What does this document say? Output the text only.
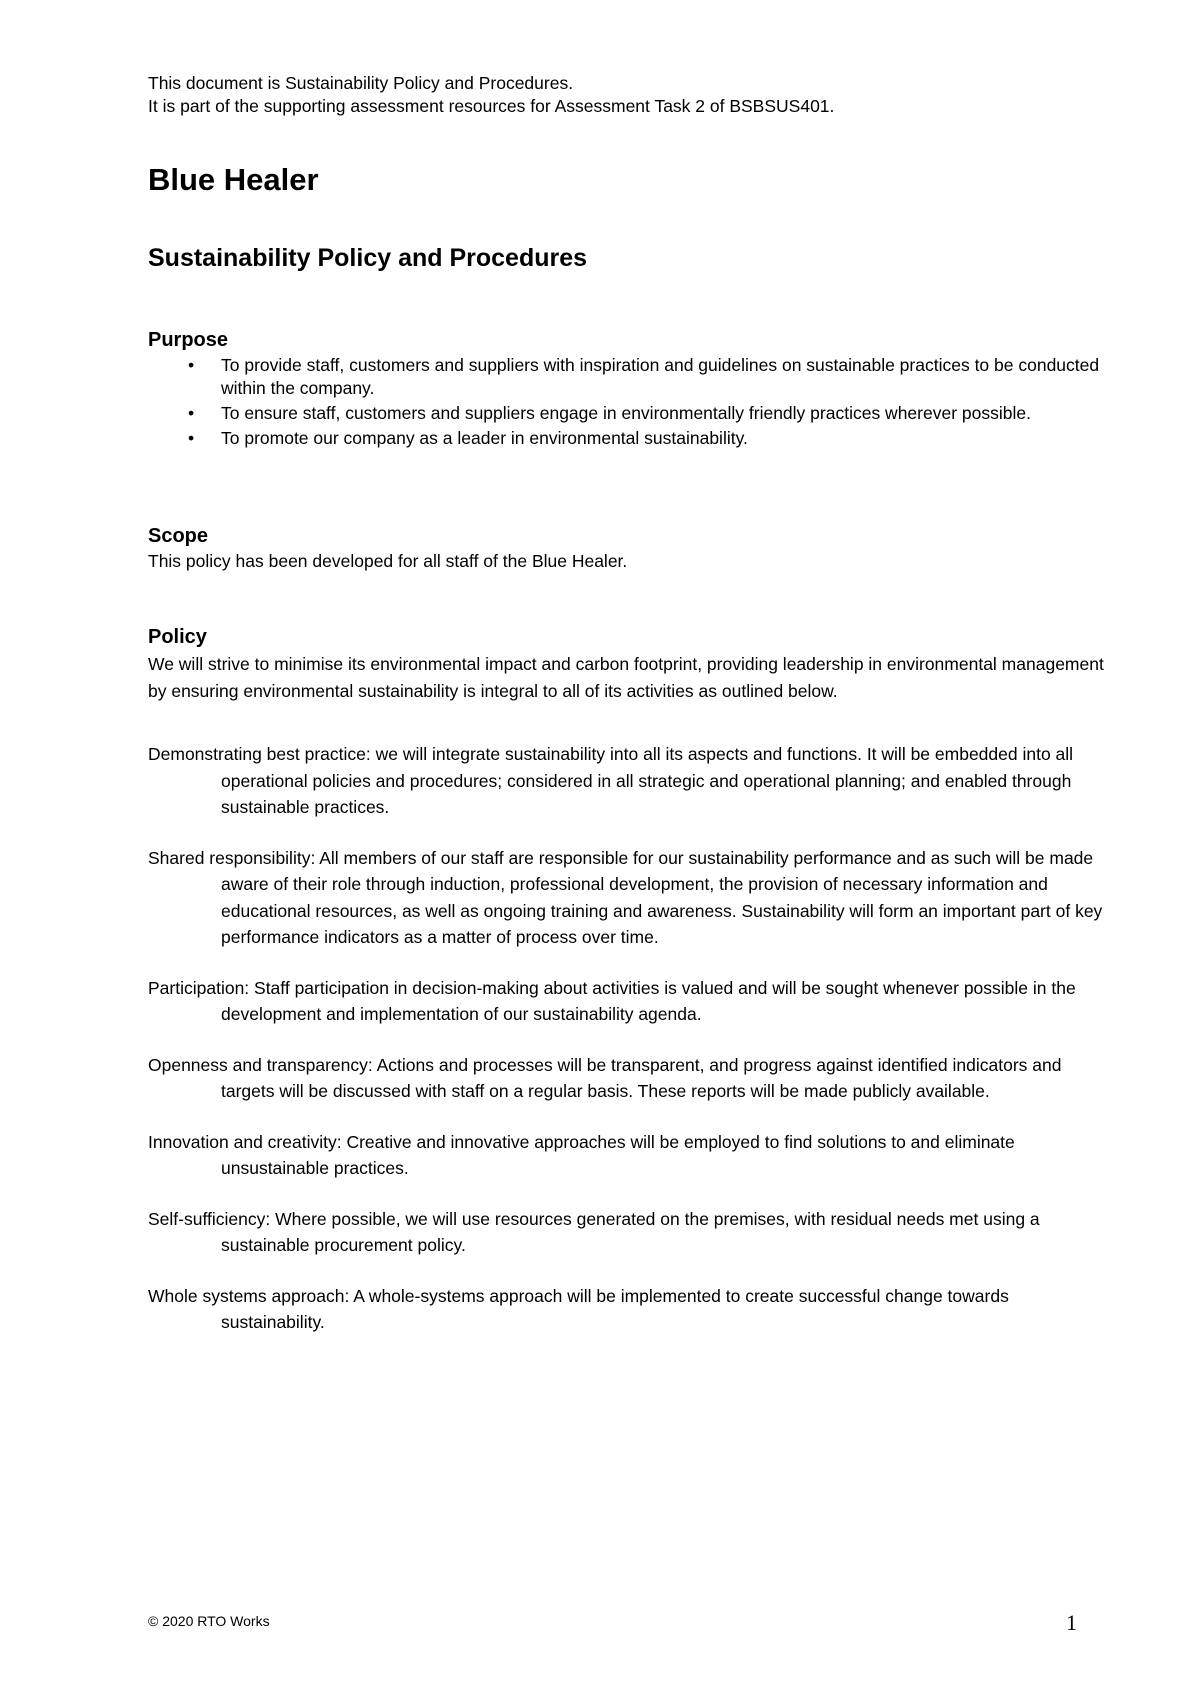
This document is Sustainability Policy and Procedures.
It is part of the supporting assessment resources for Assessment Task 2 of BSBSUS401.
Blue Healer
Sustainability Policy and Procedures
Purpose
• To provide staff, customers and suppliers with inspiration and guidelines on sustainable practices to be conducted within the company.
• To ensure staff, customers and suppliers engage in environmentally friendly practices wherever possible.
• To promote our company as a leader in environmental sustainability.
Scope
This policy has been developed for all staff of the Blue Healer.
Policy
We will strive to minimise its environmental impact and carbon footprint, providing leadership in environmental management by ensuring environmental sustainability is integral to all of its activities as outlined below.

Demonstrating best practice: we will integrate sustainability into all its aspects and functions. It will be embedded into all operational policies and procedures; considered in all strategic and operational planning; and enabled through sustainable practices.

Shared responsibility: All members of our staff are responsible for our sustainability performance and as such will be made aware of their role through induction, professional development, the provision of necessary information and educational resources, as well as ongoing training and awareness. Sustainability will form an important part of key performance indicators as a matter of process over time.

Participation: Staff participation in decision-making about activities is valued and will be sought whenever possible in the development and implementation of our sustainability agenda.

Openness and transparency: Actions and processes will be transparent, and progress against identified indicators and targets will be discussed with staff on a regular basis. These reports will be made publicly available.

Innovation and creativity: Creative and innovative approaches will be employed to find solutions to and eliminate unsustainable practices.

Self-sufficiency: Where possible, we will use resources generated on the premises, with residual needs met using a sustainable procurement policy.

Whole systems approach: A whole-systems approach will be implemented to create successful change towards sustainability.

© 2020 RTO Works	1
